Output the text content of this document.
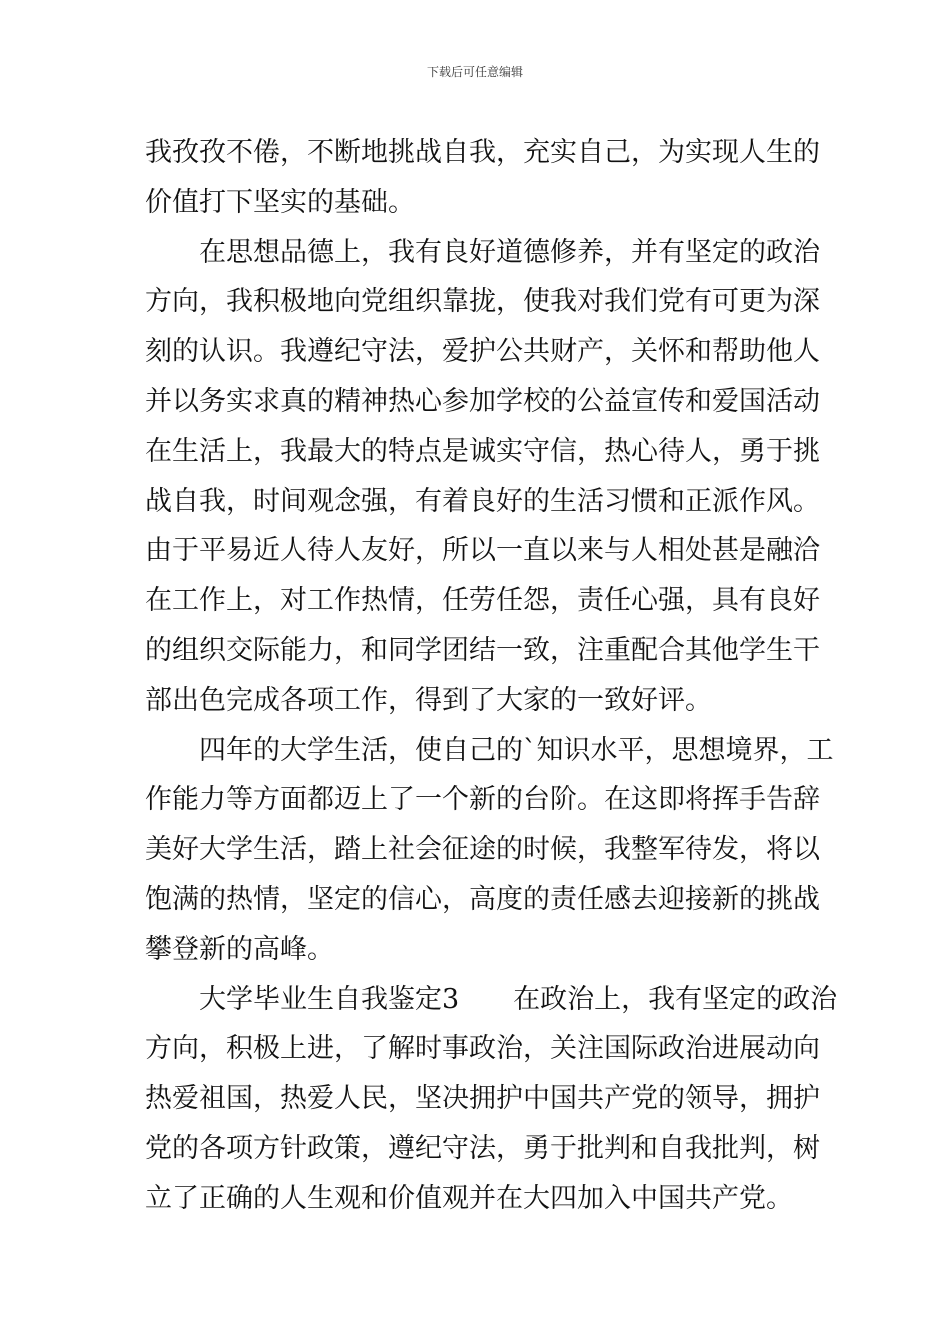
下载后可任意编辑
我孜孜不倦，不断地挑战自我，充实自己，为实现人生的
价值打下坚实的基础。
在思想品德上，我有良好道德修养，并有坚定的政治
方向，我积极地向党组织靠拢，使我对我们党有可更为深
刻的认识。我遵纪守法，爱护公共财产，关怀和帮助他人
并以务实求真的精神热心参加学校的公益宣传和爱国活动
在生活上，我最大的特点是诚实守信，热心待人，勇于挑
战自我，时间观念强，有着良好的生活习惯和正派作风。
由于平易近人待人友好，所以一直以来与人相处甚是融洽
在工作上，对工作热情，任劳任怨，责任心强，具有良好
的组织交际能力，和同学团结一致，注重配合其他学生干
部出色完成各项工作，得到了大家的一致好评。
四年的大学生活，使自己的`知识水平，思想境界，工
作能力等方面都迈上了一个新的台阶。在这即将挥手告辞
美好大学生活，踏上社会征途的时候，我整军待发，将以
饱满的热情，坚定的信心，高度的责任感去迎接新的挑战
攀登新的高峰。
大学毕业生自我鉴定3　　在政治上，我有坚定的政治
方向，积极上进，了解时事政治，关注国际政治进展动向
热爱祖国，热爱人民，坚决拥护中国共产党的领导，拥护
党的各项方针政策，遵纪守法，勇于批判和自我批判，树
立了正确的人生观和价值观并在大四加入中国共产党。
